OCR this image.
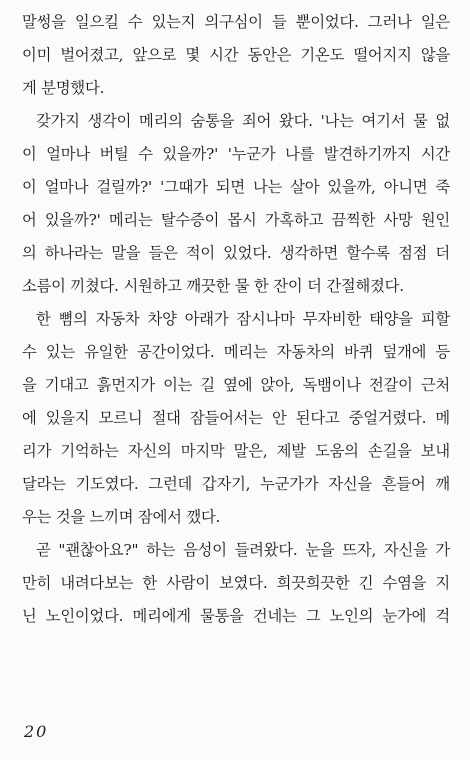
말썽을 일으킬 수 있는지 의구심이 들 뿐이었다. 그러나 일은
이미 벌어졌고, 앞으로 몇 시간 동안은 기온도 떨어지지 않을
게 분명했다.
갖가지 생각이 메리의 숨통을 죄어 왔다. '나는 여기서 물 없
이 얼마나 버틸 수 있을까?' '누군가 나를 발견하기까지 시간
이 얼마나 걸릴까?' '그때가 되면 나는 살아 있을까, 아니면 죽
어 있을까?' 메리는 탈수증이 몹시 가혹하고 끔찍한 사망 원인
의 하나라는 말을 들은 적이 있었다. 생각하면 할수록 점점 더
소름이 끼쳤다. 시원하고 깨끗한 물 한 잔이 더 간절해졌다.
한 뼘의 자동차 차양 아래가 잠시나마 무자비한 태양을 피할
수 있는 유일한 공간이었다. 메리는 자동차의 바퀴 덮개에 등
을 기대고 흙먼지가 이는 길 옆에 앉아, 독뱀이나 전갈이 근처
에 있을지 모르니 절대 잠들어서는 안 된다고 중얼거렸다. 메
리가 기억하는 자신의 마지막 말은, 제발 도움의 손길을 보내
달라는 기도였다. 그런데 갑자기, 누군가가 자신을 흔들어 깨
우는 것을 느끼며 잠에서 깼다.
곧 "괜찮아요?" 하는 음성이 들려왔다. 눈을 뜨자, 자신을 가
만히 내려다보는 한 사람이 보였다. 희끗희끗한 긴 수염을 지
닌 노인이었다. 메리에게 물통을 건네는 그 노인의 눈가에 걱
20
